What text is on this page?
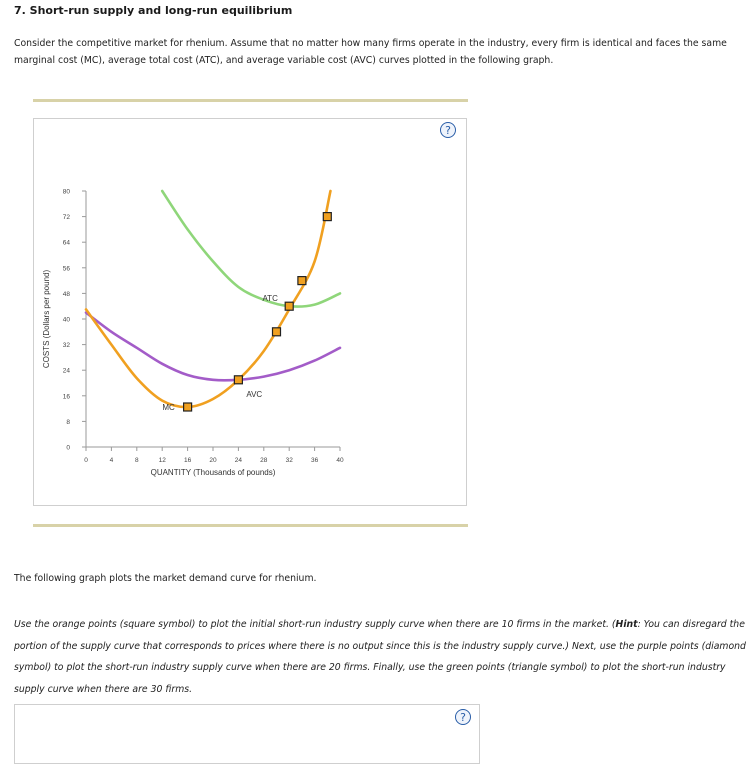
7. Short-run supply and long-run equilibrium
Consider the competitive market for rhenium. Assume that no matter how many firms operate in the industry, every firm is identical and faces the same marginal cost (MC), average total cost (ATC), and average variable cost (AVC) curves plotted in the following graph.
?
0
8
16
24
32
40
48
56
64
72
80
0	4	8	12	16	20	24	28	32	36	40
QUANTITY (Thousands of pounds)
COSTS (Dollars per pound)
MC
ATC
AVC
The following graph plots the market demand curve for rhenium.
Use the orange points (square symbol) to plot the initial short-run industry supply curve when there are 10 firms in the market. (Hint: You can disregard the portion of the supply curve that corresponds to prices where there is no output since this is the industry supply curve.) Next, use the purple points (diamond symbol) to plot the short-run industry supply curve when there are 20 firms. Finally, use the green points (triangle symbol) to plot the short-run industry supply curve when there are 30 firms.
?
